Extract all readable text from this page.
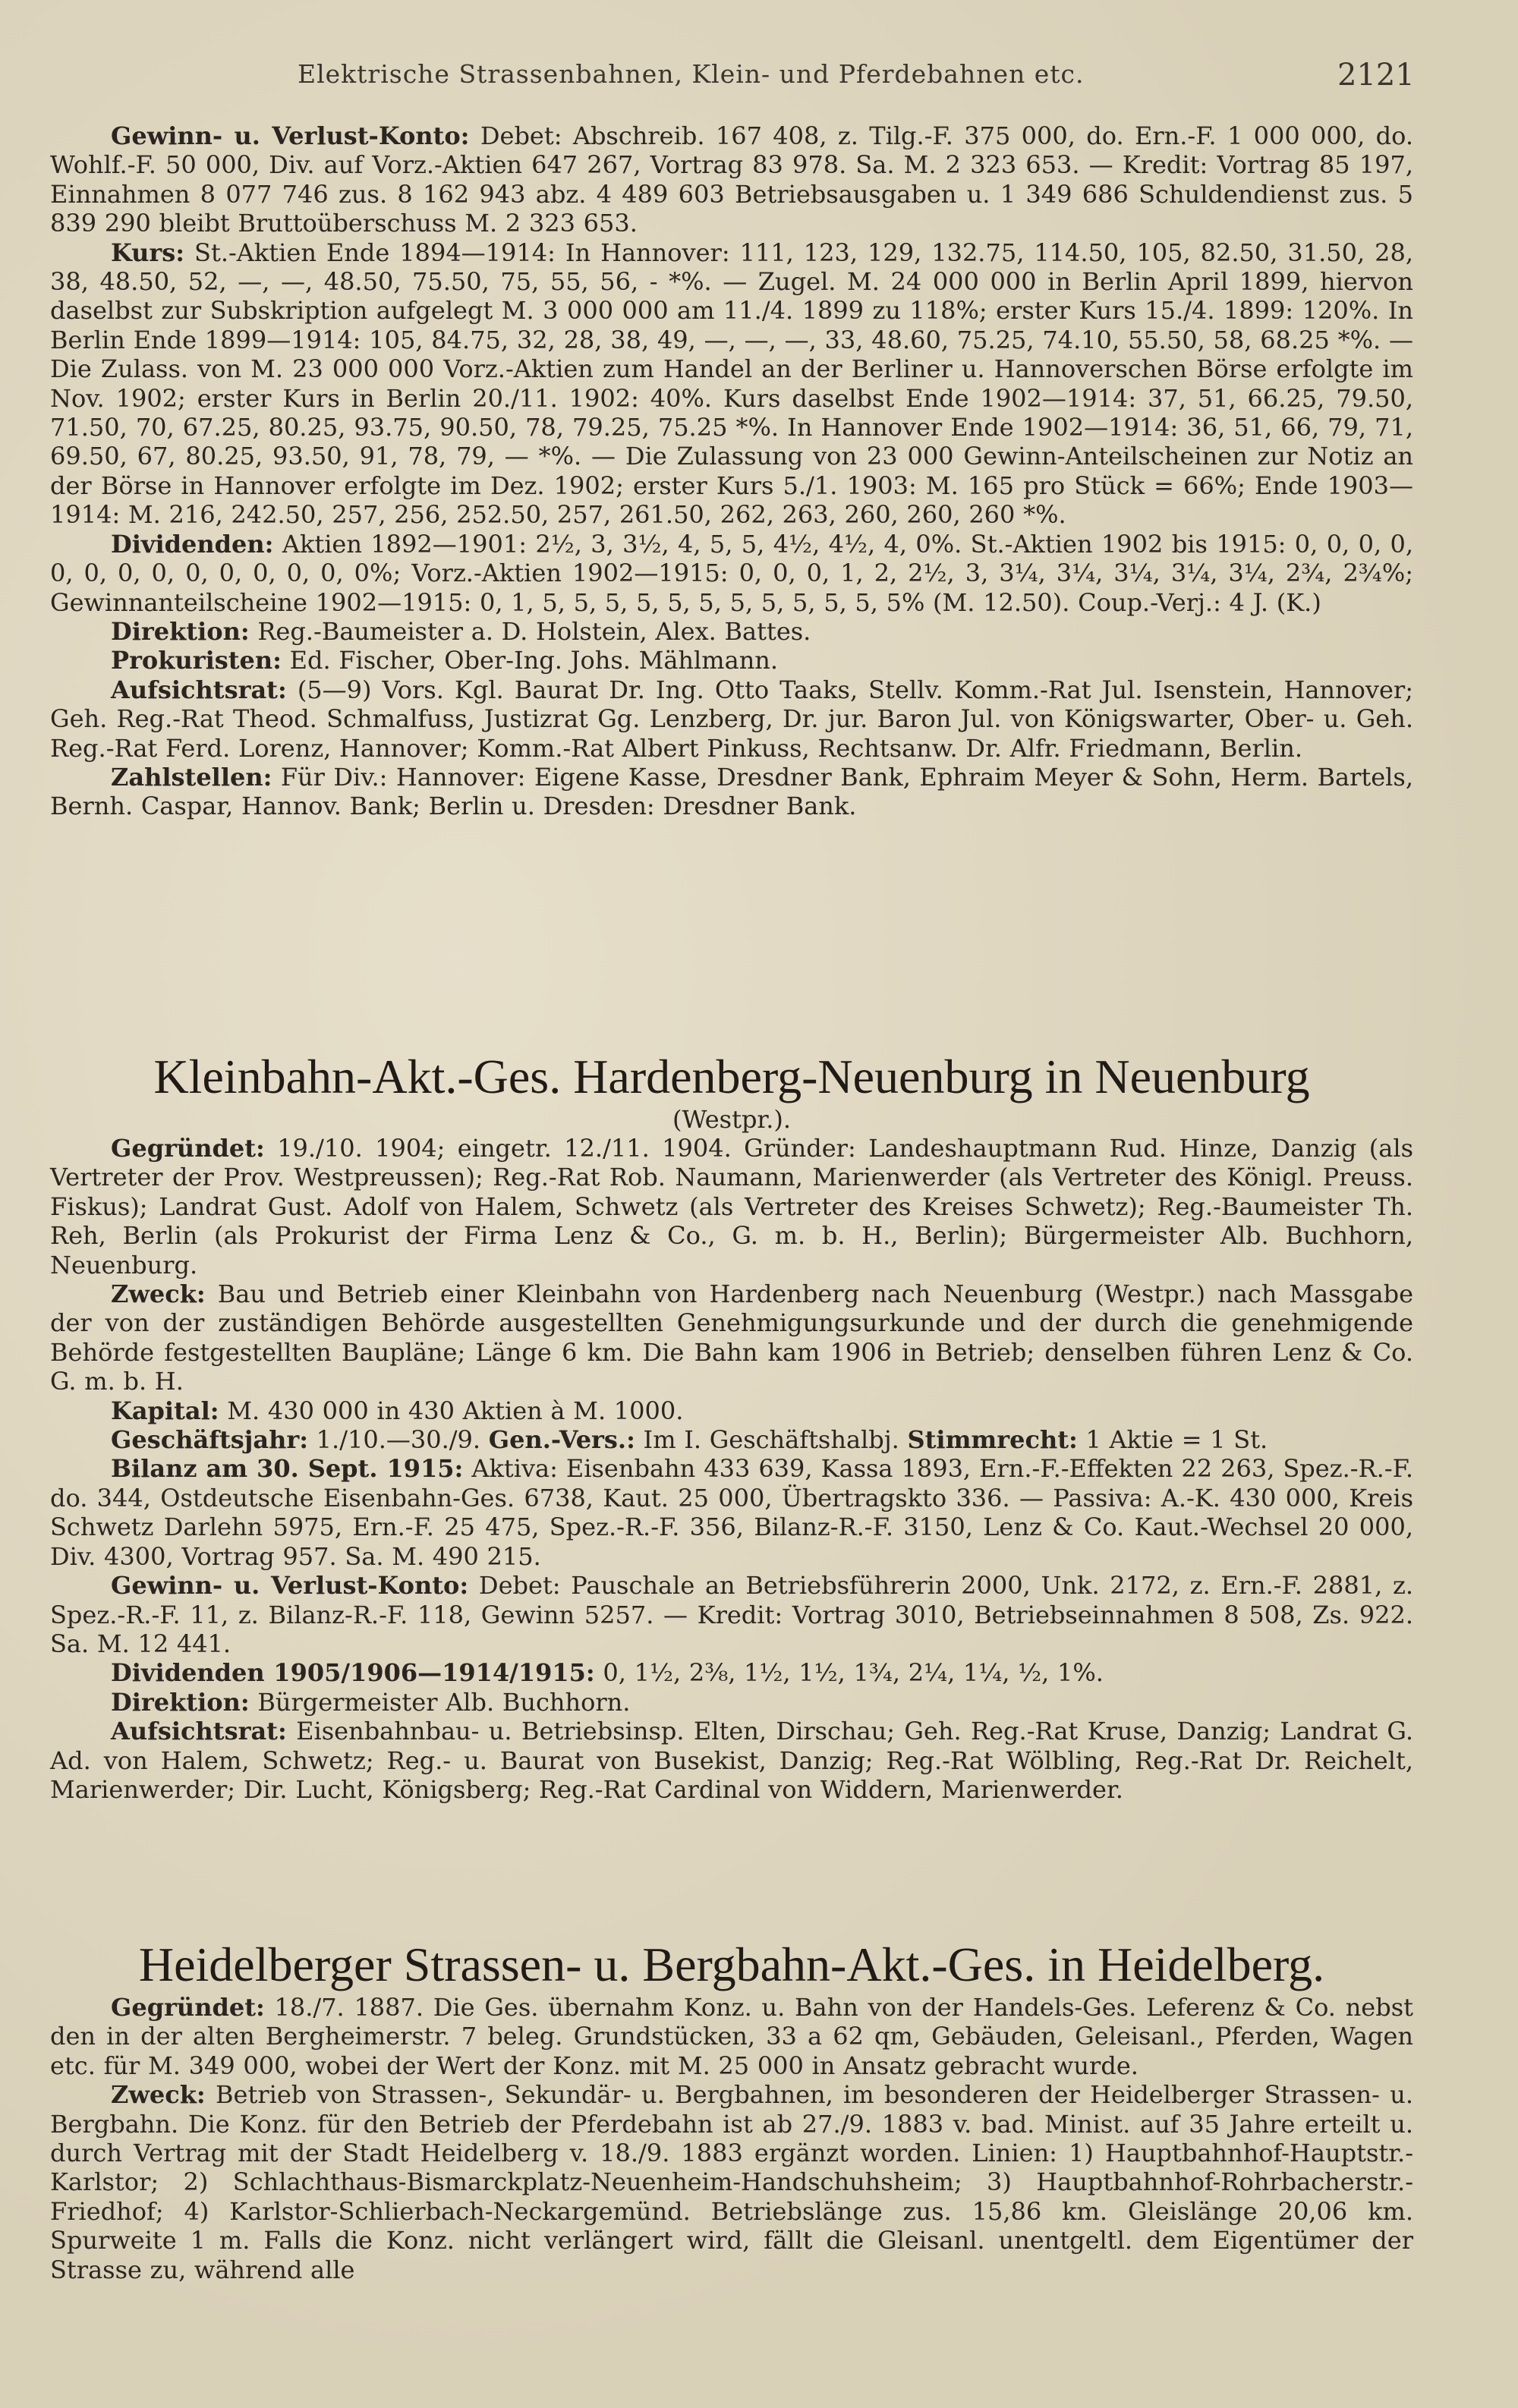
Elektrische Strassenbahnen, Klein- und Pferdebahnen etc.	2121

Gewinn- u. Verlust-Konto: Debet: Abschreib. 167 408, z. Tilg.-F. 375 000, do. Ern.-F. 1 000 000, do. Wohlf.-F. 50 000, Div. auf Vorz.-Aktien 647 267, Vortrag 83 978. Sa. M. 2 323 653. — Kredit: Vortrag 85 197, Einnahmen 8 077 746 zus. 8 162 943 abz. 4 489 603 Betriebsausgaben u. 1 349 686 Schuldendienst zus. 5 839 290 bleibt Bruttoüberschuss M. 2 323 653.

Kurs: St.-Aktien Ende 1894—1914: In Hannover: 111, 123, 129, 132.75, 114.50, 105, 82.50, 31.50, 28, 38, 48.50, 52, —, —, 48.50, 75.50, 75, 55, 56, - *%. — Zugel. M. 24 000 000 in Berlin April 1899, hiervon daselbst zur Subskription aufgelegt M. 3 000 000 am 11./4. 1899 zu 118%; erster Kurs 15./4. 1899: 120%. In Berlin Ende 1899—1914: 105, 84.75, 32, 28, 38, 49, —, —, —, 33, 48.60, 75.25, 74.10, 55.50, 58, 68.25 *%. — Die Zulass. von M. 23 000 000 Vorz.-Aktien zum Handel an der Berliner u. Hannoverschen Börse erfolgte im Nov. 1902; erster Kurs in Berlin 20./11. 1902: 40%. Kurs daselbst Ende 1902—1914: 37, 51, 66.25, 79.50, 71.50, 70, 67.25, 80.25, 93.75, 90.50, 78, 79.25, 75.25 *%. In Hannover Ende 1902—1914: 36, 51, 66, 79, 71, 69.50, 67, 80.25, 93.50, 91, 78, 79, — *%. — Die Zulassung von 23 000 Gewinn-Anteilscheinen zur Notiz an der Börse in Hannover erfolgte im Dez. 1902; erster Kurs 5./1. 1903: M. 165 pro Stück = 66%; Ende 1903—1914: M. 216, 242.50, 257, 256, 252.50, 257, 261.50, 262, 263, 260, 260, 260 *%.

Dividenden: Aktien 1892—1901: 2½, 3, 3½, 4, 5, 5, 4½, 4½, 4, 0%. St.-Aktien 1902 bis 1915: 0, 0, 0, 0, 0, 0, 0, 0, 0, 0, 0, 0, 0, 0%; Vorz.-Aktien 1902—1915: 0, 0, 0, 1, 2, 2½, 3, 3¼, 3¼, 3¼, 3¼, 3¼, 2¾, 2¾%; Gewinnanteilscheine 1902—1915: 0, 1, 5, 5, 5, 5, 5, 5, 5, 5, 5, 5, 5, 5% (M. 12.50). Coup.-Verj.: 4 J. (K.)

Direktion: Reg.-Baumeister a. D. Holstein, Alex. Battes.

Prokuristen: Ed. Fischer, Ober-Ing. Johs. Mählmann.

Aufsichtsrat: (5—9) Vors. Kgl. Baurat Dr. Ing. Otto Taaks, Stellv. Komm.-Rat Jul. Isenstein, Hannover; Geh. Reg.-Rat Theod. Schmalfuss, Justizrat Gg. Lenzberg, Dr. jur. Baron Jul. von Königswarter, Ober- u. Geh. Reg.-Rat Ferd. Lorenz, Hannover; Komm.-Rat Albert Pinkuss, Rechtsanw. Dr. Alfr. Friedmann, Berlin.

Zahlstellen: Für Div.: Hannover: Eigene Kasse, Dresdner Bank, Ephraim Meyer & Sohn, Herm. Bartels, Bernh. Caspar, Hannov. Bank; Berlin u. Dresden: Dresdner Bank.

Kleinbahn-Akt.-Ges. Hardenberg-Neuenburg in Neuenburg

(Westpr.).

Gegründet: 19./10. 1904; eingetr. 12./11. 1904. Gründer: Landeshauptmann Rud. Hinze, Danzig (als Vertreter der Prov. Westpreussen); Reg.-Rat Rob. Naumann, Marienwerder (als Vertreter des Königl. Preuss. Fiskus); Landrat Gust. Adolf von Halem, Schwetz (als Vertreter des Kreises Schwetz); Reg.-Baumeister Th. Reh, Berlin (als Prokurist der Firma Lenz & Co., G. m. b. H., Berlin); Bürgermeister Alb. Buchhorn, Neuenburg.

Zweck: Bau und Betrieb einer Kleinbahn von Hardenberg nach Neuenburg (Westpr.) nach Massgabe der von der zuständigen Behörde ausgestellten Genehmigungsurkunde und der durch die genehmigende Behörde festgestellten Baupläne; Länge 6 km. Die Bahn kam 1906 in Betrieb; denselben führen Lenz & Co. G. m. b. H.

Kapital: M. 430 000 in 430 Aktien à M. 1000.

Geschäftsjahr: 1./10.—30./9. Gen.-Vers.: Im I. Geschäftshalbj. Stimmrecht: 1 Aktie = 1 St.

Bilanz am 30. Sept. 1915: Aktiva: Eisenbahn 433 639, Kassa 1893, Ern.-F.-Effekten 22 263, Spez.-R.-F. do. 344, Ostdeutsche Eisenbahn-Ges. 6738, Kaut. 25 000, Übertragskto 336. — Passiva: A.-K. 430 000, Kreis Schwetz Darlehn 5975, Ern.-F. 25 475, Spez.-R.-F. 356, Bilanz-R.-F. 3150, Lenz & Co. Kaut.-Wechsel 20 000, Div. 4300, Vortrag 957. Sa. M. 490 215.

Gewinn- u. Verlust-Konto: Debet: Pauschale an Betriebsführerin 2000, Unk. 2172, z. Ern.-F. 2881, z. Spez.-R.-F. 11, z. Bilanz-R.-F. 118, Gewinn 5257. — Kredit: Vortrag 3010, Betriebseinnahmen 8 508, Zs. 922. Sa. M. 12 441.

Dividenden 1905/1906—1914/1915: 0, 1½, 2⅜, 1½, 1½, 1¾, 2¼, 1¼, ½, 1%.

Direktion: Bürgermeister Alb. Buchhorn.

Aufsichtsrat: Eisenbahnbau- u. Betriebsinsp. Elten, Dirschau; Geh. Reg.-Rat Kruse, Danzig; Landrat G. Ad. von Halem, Schwetz; Reg.- u. Baurat von Busekist, Danzig; Reg.-Rat Wölbling, Reg.-Rat Dr. Reichelt, Marienwerder; Dir. Lucht, Königsberg; Reg.-Rat Cardinal von Widdern, Marienwerder.

Heidelberger Strassen- u. Bergbahn-Akt.-Ges. in Heidelberg.

Gegründet: 18./7. 1887. Die Ges. übernahm Konz. u. Bahn von der Handels-Ges. Leferenz & Co. nebst den in der alten Bergheimerstr. 7 beleg. Grundstücken, 33 a 62 qm, Gebäuden, Geleisanl., Pferden, Wagen etc. für M. 349 000, wobei der Wert der Konz. mit M. 25 000 in Ansatz gebracht wurde.

Zweck: Betrieb von Strassen-, Sekundär- u. Bergbahnen, im besonderen der Heidelberger Strassen- u. Bergbahn. Die Konz. für den Betrieb der Pferdebahn ist ab 27./9. 1883 v. bad. Minist. auf 35 Jahre erteilt u. durch Vertrag mit der Stadt Heidelberg v. 18./9. 1883 ergänzt worden. Linien: 1) Hauptbahnhof-Hauptstr.-Karlstor; 2) Schlachthaus-Bismarckplatz-Neuenheim-Handschuhsheim; 3) Hauptbahnhof-Rohrbacherstr.-Friedhof; 4) Karlstor-Schlierbach-Neckargemünd. Betriebslänge zus. 15,86 km. Gleislänge 20,06 km. Spurweite 1 m. Falls die Konz. nicht verlängert wird, fällt die Gleisanl. unentgeltl. dem Eigentümer der Strasse zu, während alle
